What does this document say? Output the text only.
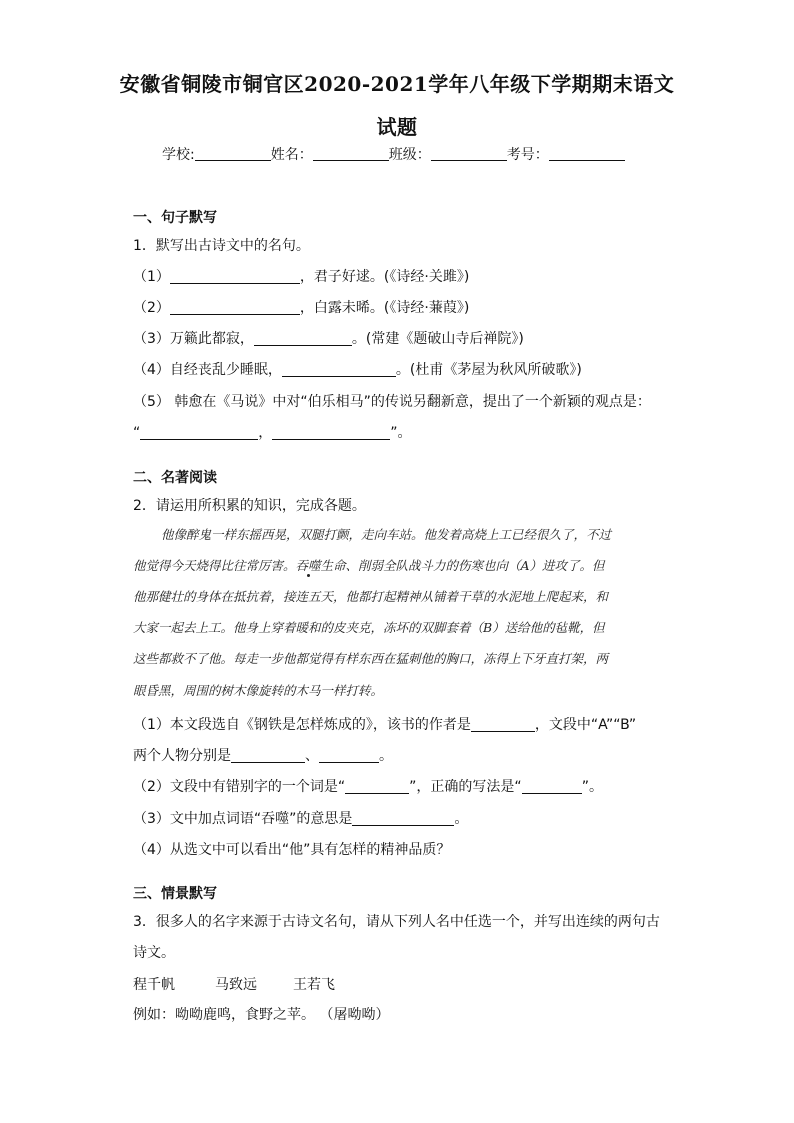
安徽省铜陵市铜官区2020-2021学年八年级下学期期末语文
试题
学校:	姓名：	班级：	考号：
一、句子默写
1．默写出古诗文中的名句。
（1）	，君子好逑。(《诗经·关雎》)
（2）	，白露未晞。(《诗经·蒹葭》)
（3）万籁此都寂，	。(常建《题破山寺后禅院》)
（4）自经丧乱少睡眠，	。(杜甫《茅屋为秋风所破歌》)
（5） 韩愈在《马说》中对“伯乐相马”的传说另翻新意，提出了一个新颖的观点是：
“	，	”。
二、名著阅读
2．请运用所积累的知识，完成各题。
他像醉鬼一样东摇西晃，双腿打颤，走向车站。他发着高烧上工已经很久了，不过
他觉得今天烧得比往常厉害。吞噬生命、削弱全队战斗力的伤寒也向（A）进攻了。但
他那健壮的身体在抵抗着，接连五天，他都打起精神从铺着干草的水泥地上爬起来，和
大家一起去上工。他身上穿着暖和的皮夹克，冻坏的双脚套着（B）送给他的毡靴，但
这些都救不了他。每走一步他都觉得有样东西在猛刺他的胸口，冻得上下牙直打架，两
眼昏黑，周围的树木像旋转的木马一样打转。
（1）本文段选自《钢铁是怎样炼成的》，该书的作者是	，文段中“A”“B”
两个人物分别是	、	。
（2）文段中有错别字的一个词是“	”，正确的写法是“	”。
（3）文中加点词语“吞噬”的意思是	。
（4）从选文中可以看出“他”具有怎样的精神品质？
三、情景默写
3．很多人的名字来源于古诗文名句，请从下列人名中任选一个，并写出连续的两句古
诗文。
程千帆	马致远	王若飞
例如：呦呦鹿鸣，食野之苹。 （屠呦呦）
